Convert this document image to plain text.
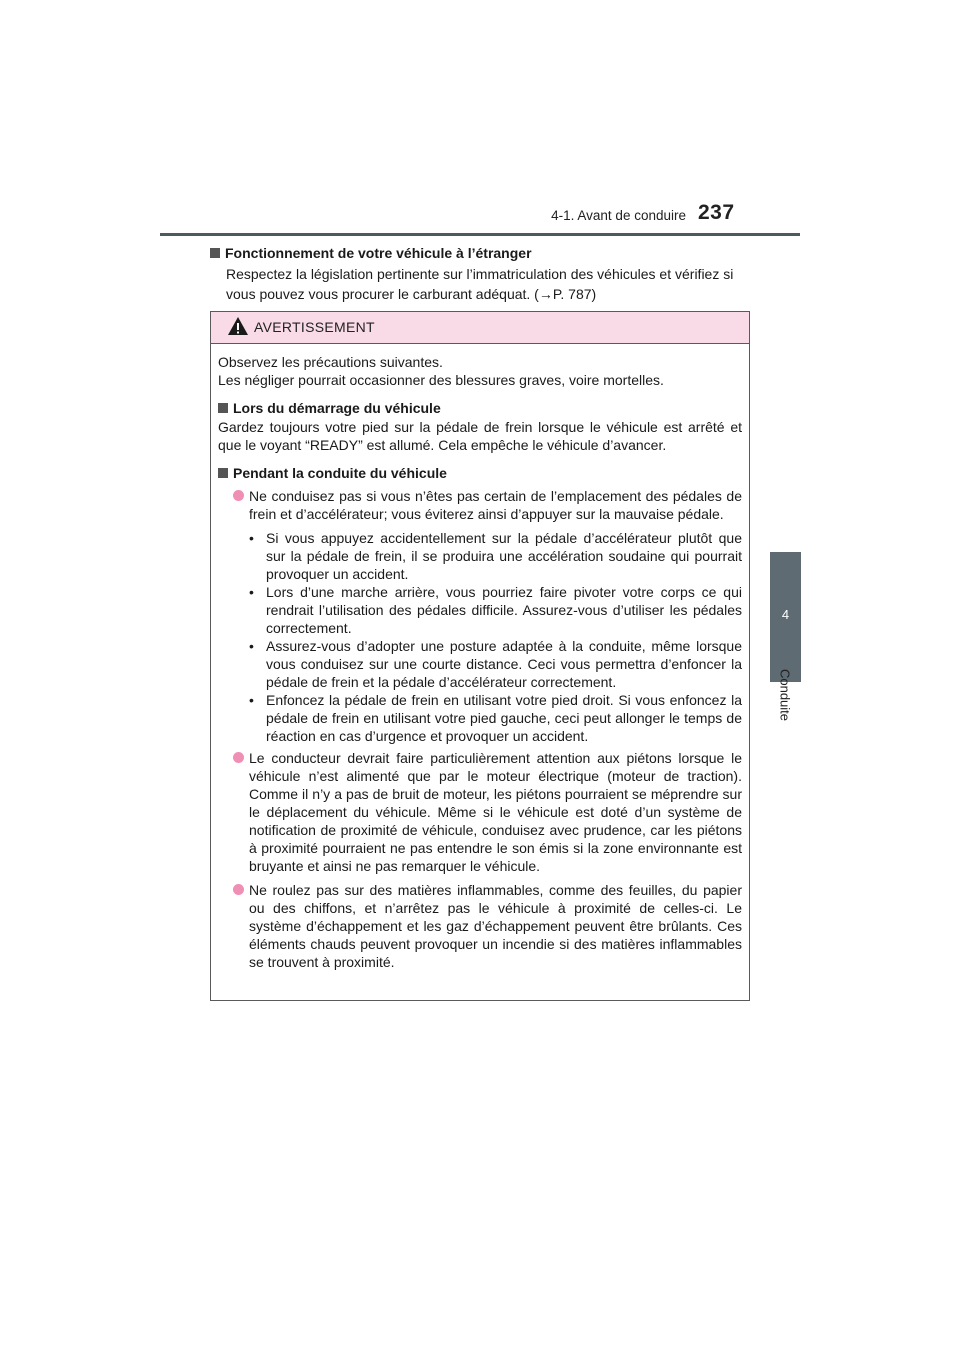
4-1. Avant de conduire 237
4
Conduite

Fonctionnement de votre véhicule à l’étranger

Respectez la législation pertinente sur l’immatriculation des véhicules et vérifiez si vous pouvez vous procurer le carburant adéquat. (→P. 787)

AVERTISSEMENT

Observez les précautions suivantes.

Les négliger pourrait occasionner des blessures graves, voire mortelles.

Lors du démarrage du véhicule

Gardez toujours votre pied sur la pédale de frein lorsque le véhicule est arrêté et que le voyant “READY” est allumé. Cela empêche le véhicule d’avancer.

Pendant la conduite du véhicule

Ne conduisez pas si vous n’êtes pas certain de l’emplacement des pédales de frein et d’accélérateur; vous éviterez ainsi d’appuyer sur la mauvaise pédale.
• Si vous appuyez accidentellement sur la pédale d’accélérateur plutôt que sur la pédale de frein, il se produira une accélération soudaine qui pourrait provoquer un accident.
• Lors d’une marche arrière, vous pourriez faire pivoter votre corps ce qui rendrait l’utilisation des pédales difficile. Assurez-vous d’utiliser les pédales correctement.
• Assurez-vous d’adopter une posture adaptée à la conduite, même lorsque vous conduisez sur une courte distance. Ceci vous permettra d’enfoncer la pédale de frein et la pédale d’accélérateur correctement.
• Enfoncez la pédale de frein en utilisant votre pied droit. Si vous enfoncez la pédale de frein en utilisant votre pied gauche, ceci peut allonger le temps de réaction en cas d’urgence et provoquer un accident.
Le conducteur devrait faire particulièrement attention aux piétons lorsque le véhicule n’est alimenté que par le moteur électrique (moteur de traction). Comme il n’y a pas de bruit de moteur, les piétons pourraient se méprendre sur le déplacement du véhicule. Même si le véhicule est doté d’un système de notification de proximité de véhicule, conduisez avec prudence, car les piétons à proximité pourraient ne pas entendre le son émis si la zone environnante est bruyante et ainsi ne pas remarquer le véhicule.
Ne roulez pas sur des matières inflammables, comme des feuilles, du papier ou des chiffons, et n’arrêtez pas le véhicule à proximité de celles-ci. Le système d’échappement et les gaz d’échappement peuvent être brûlants. Ces éléments chauds peuvent provoquer un incendie si des matières inflammables se trouvent à proximité.
